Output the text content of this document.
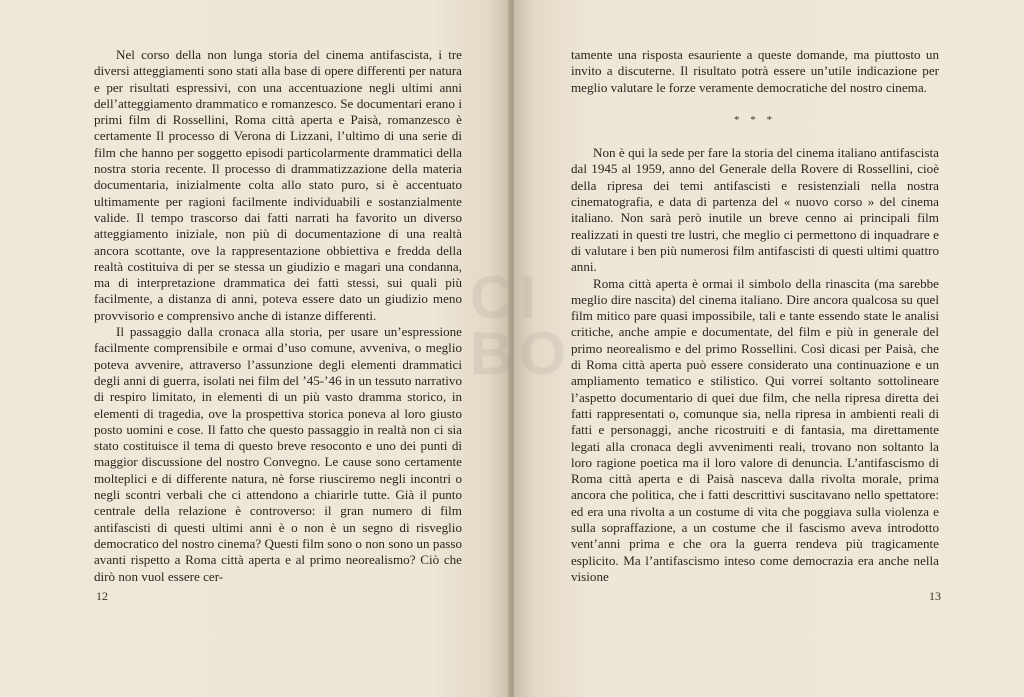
Nel corso della non lunga storia del cinema antifascista, i tre diversi atteggiamenti sono stati alla base di opere differenti per natura e per risultati espressivi, con una accentuazione negli ultimi anni dell’atteggiamento drammatico e romanzesco. Se documentari erano i primi film di Rossellini, Roma città aperta e Paisà, romanzesco è certamente Il processo di Verona di Lizzani, l’ultimo di una serie di film che hanno per soggetto episodi particolarmente drammatici della nostra storia recente. Il processo di drammatizzazione della materia documentaria, inizialmente colta allo stato puro, si è accentuato ultimamente per ragioni facilmente individuabili e sostanzialmente valide. Il tempo trascorso dai fatti narrati ha favorito un diverso atteggiamento iniziale, non più di documentazione di una realtà ancora scottante, ove la rappresentazione obbiettiva e fredda della realtà costituiva di per se stessa un giudizio e magari una condanna, ma di interpretazione drammatica dei fatti stessi, sui quali più facilmente, a distanza di anni, poteva essere dato un giudizio meno provvisorio e comprensivo anche di istanze differenti.

Il passaggio dalla cronaca alla storia, per usare un’espressione facilmente comprensibile e ormai d’uso comune, avveniva, o meglio poteva avvenire, attraverso l’assunzione degli elementi drammatici degli anni di guerra, isolati nei film del ’45-’46 in un tessuto narrativo di respiro limitato, in elementi di un più vasto dramma storico, in elementi di tragedia, ove la prospettiva storica poneva al loro giusto posto uomini e cose. Il fatto che questo passaggio in realtà non ci sia stato costituisce il tema di questo breve resoconto e uno dei punti di maggior discussione del nostro Convegno. Le cause sono certamente molteplici e di differente natura, nè forse riusciremo negli incontri o negli scontri verbali che ci attendono a chiarirle tutte. Già il punto centrale della relazione è controverso: il gran numero di film antifascisti di questi ultimi anni è o non è un segno di risveglio democratico del nostro cinema? Questi film sono o non sono un passo avanti rispetto a Roma città aperta e al primo neorealismo? Ciò che dirò non vuol essere cer-

12

tamente una risposta esauriente a queste domande, ma piuttosto un invito a discuterne. Il risultato potrà essere un’utile indicazione per meglio valutare le forze veramente democratiche del nostro cinema.

* * *

Non è qui la sede per fare la storia del cinema italiano antifascista dal 1945 al 1959, anno del Generale della Rovere di Rossellini, cioè della ripresa dei temi antifascisti e resistenziali nella nostra cinematografia, e data di partenza del « nuovo corso » del cinema italiano. Non sarà però inutile un breve cenno ai principali film realizzati in questi tre lustri, che meglio ci permettono di inquadrare e di valutare i ben più numerosi film antifascisti di questi ultimi quattro anni.

Roma città aperta è ormai il simbolo della rinascita (ma sarebbe meglio dire nascita) del cinema italiano. Dire ancora qualcosa su quel film mitico pare quasi impossibile, tali e tante essendo state le analisi critiche, anche ampie e documentate, del film e più in generale del primo neorealismo e del primo Rossellini. Così dicasi per Paisà, che di Roma città aperta può essere considerato una continuazione e un ampliamento tematico e stilistico. Qui vorrei soltanto sottolineare l’aspetto documentario di quei due film, che nella ripresa diretta dei fatti rappresentati o, comunque sia, nella ripresa in ambienti reali di fatti e personaggi, anche ricostruiti e di fantasia, ma direttamente legati alla cronaca degli avvenimenti reali, trovano non soltanto la loro ragione poetica ma il loro valore di denuncia. L’antifascismo di Roma città aperta e di Paisà nasceva dalla rivolta morale, prima ancora che politica, che i fatti descrittivi suscitavano nello spettatore: ed era una rivolta a un costume di vita che poggiava sulla violenza e sulla sopraffazione, a un costume che il fascismo aveva introdotto vent’anni prima e che ora la guerra rendeva più tragicamente esplicito. Ma l’antifascismo inteso come democrazia era anche nella visione

13
